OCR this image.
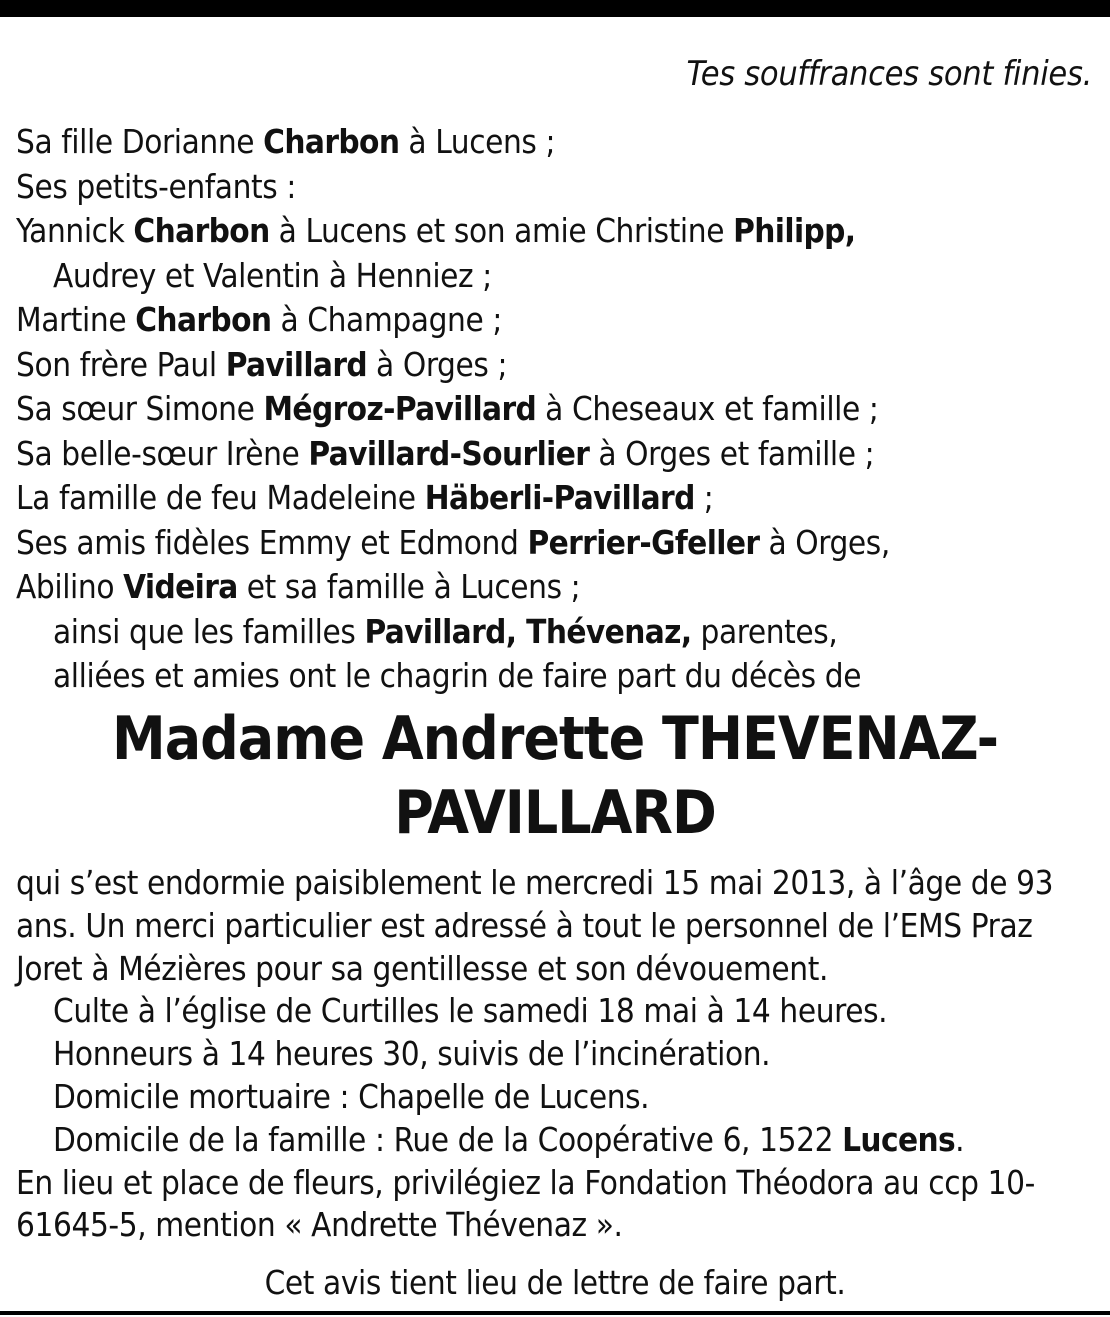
Tes souffrances sont finies.
Sa fille Dorianne Charbon à Lucens ;
Ses petits-enfants :
Yannick Charbon à Lucens et son amie Christine Philipp,
Audrey et Valentin à Henniez ;
Martine Charbon à Champagne ;
Son frère Paul Pavillard à Orges ;
Sa sœur Simone Mégroz-Pavillard à Cheseaux et famille ;
Sa belle-sœur Irène Pavillard-Sourlier à Orges et famille ;
La famille de feu Madeleine Häberli-Pavillard ;
Ses amis fidèles Emmy et Edmond Perrier-Gfeller à Orges,
Abilino Videira et sa famille à Lucens ;
ainsi que les familles Pavillard, Thévenaz, parentes,
alliées et amies ont le chagrin de faire part du décès de
Madame Andrette THEVENAZ-
PAVILLARD
qui s’est endormie paisiblement le mercredi 15 mai 2013, à l’âge de 93
ans. Un merci particulier est adressé à tout le personnel de l’EMS Praz
Joret à Mézières pour sa gentillesse et son dévouement.
Culte à l’église de Curtilles le samedi 18 mai à 14 heures.
Honneurs à 14 heures 30, suivis de l’incinération.
Domicile mortuaire : Chapelle de Lucens.
Domicile de la famille : Rue de la Coopérative 6, 1522 Lucens.
En lieu et place de fleurs, privilégiez la Fondation Théodora au ccp 10-
61645-5, mention « Andrette Thévenaz ».
Cet avis tient lieu de lettre de faire part.
